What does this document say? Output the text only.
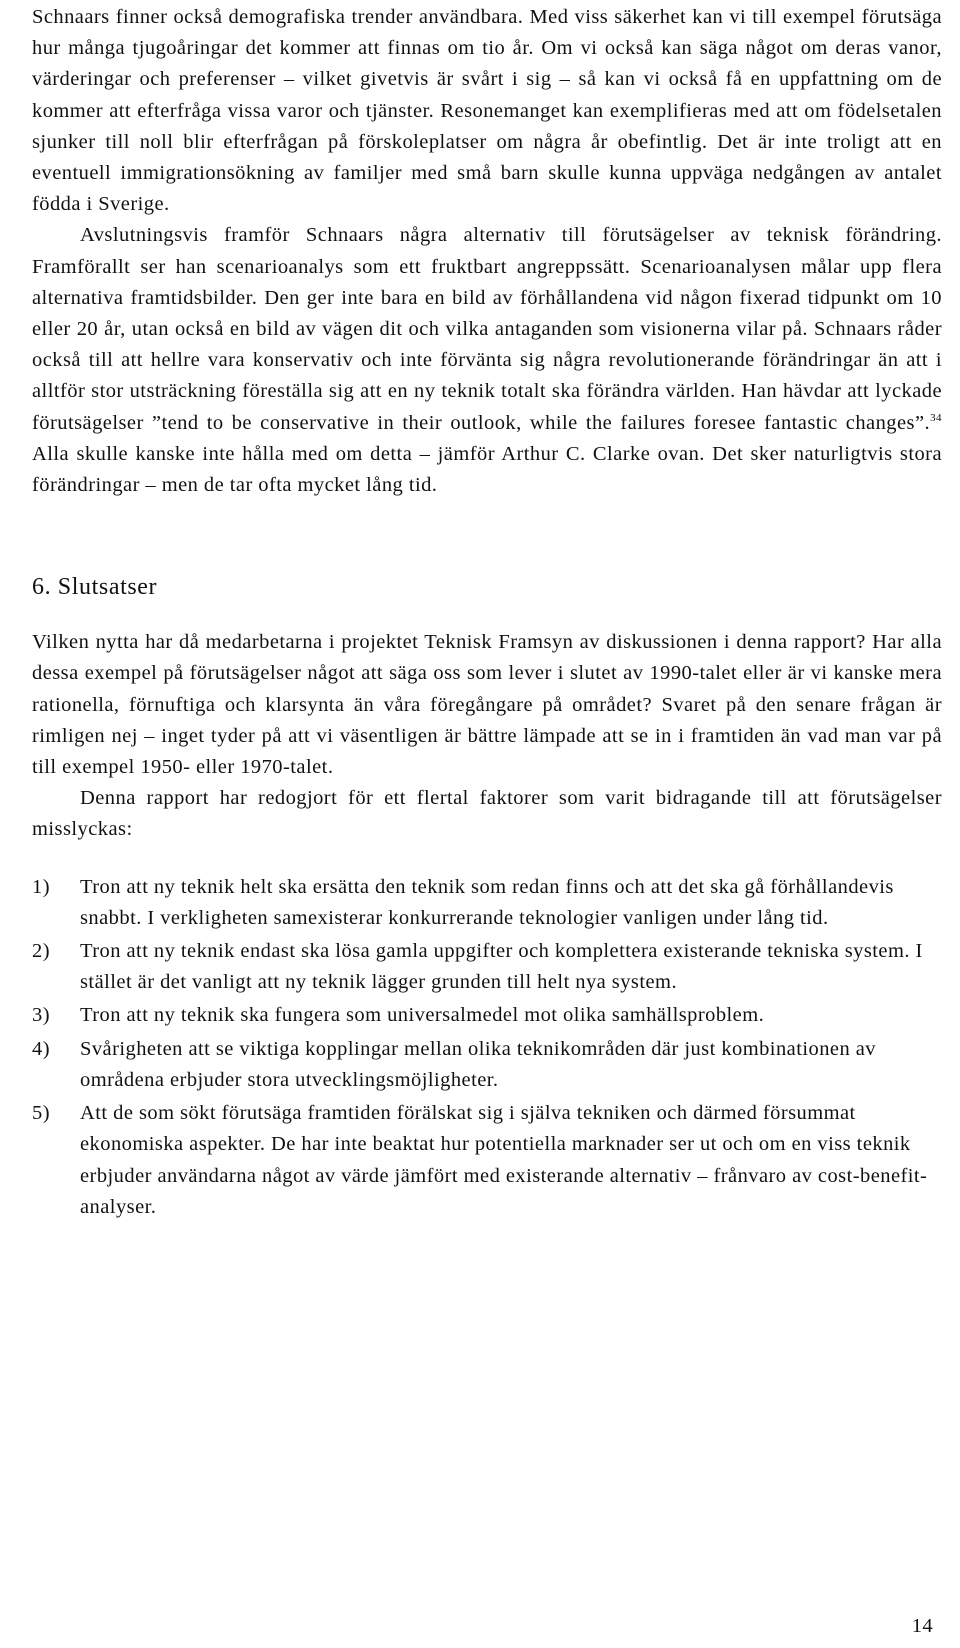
Schnaars finner också demografiska trender användbara. Med viss säkerhet kan vi till exempel förutsäga hur många tjugoåringar det kommer att finnas om tio år. Om vi också kan säga något om deras vanor, värderingar och preferenser – vilket givetvis är svårt i sig – så kan vi också få en uppfattning om de kommer att efterfråga vissa varor och tjänster. Resonemanget kan exemplifieras med att om födelsetalen sjunker till noll blir efterfrågan på förskoleplatser om några år obefintlig. Det är inte troligt att en eventuell immigrationsökning av familjer med små barn skulle kunna uppväga nedgången av antalet födda i Sverige.

Avslutningsvis framför Schnaars några alternativ till förutsägelser av teknisk förändring. Framförallt ser han scenarioanalys som ett fruktbart angreppssätt. Scenarioanalysen målar upp flera alternativa framtidsbilder. Den ger inte bara en bild av förhållandena vid någon fixerad tidpunkt om 10 eller 20 år, utan också en bild av vägen dit och vilka antaganden som visionerna vilar på. Schnaars råder också till att hellre vara konservativ och inte förvänta sig några revolutionerande förändringar än att i alltför stor utsträckning föreställa sig att en ny teknik totalt ska förändra världen. Han hävdar att lyckade förutsägelser ”tend to be conservative in their outlook, while the failures foresee fantastic changes”.$^{34}$ Alla skulle kanske inte hålla med om detta – jämför Arthur C. Clarke ovan. Det sker naturligtvis stora förändringar – men de tar ofta mycket lång tid.

6. Slutsatser

Vilken nytta har då medarbetarna i projektet Teknisk Framsyn av diskussionen i denna rapport? Har alla dessa exempel på förutsägelser något att säga oss som lever i slutet av 1990-talet eller är vi kanske mera rationella, förnuftiga och klarsynta än våra föregångare på området? Svaret på den senare frågan är rimligen nej – inget tyder på att vi väsentligen är bättre lämpade att se in i framtiden än vad man var på till exempel 1950- eller 1970-talet.

Denna rapport har redogjort för ett flertal faktorer som varit bidragande till att förutsägelser misslyckas:

1) Tron att ny teknik helt ska ersätta den teknik som redan finns och att det ska gå förhållandevis snabbt. I verkligheten samexisterar konkurrerande teknologier vanligen under lång tid.
2) Tron att ny teknik endast ska lösa gamla uppgifter och komplettera existerande tekniska system. I stället är det vanligt att ny teknik lägger grunden till helt nya system.
3) Tron att ny teknik ska fungera som universalmedel mot olika samhällsproblem.
4) Svårigheten att se viktiga kopplingar mellan olika teknikområden där just kombinationen av områdena erbjuder stora utvecklingsmöjligheter.
5) Att de som sökt förutsäga framtiden förälskat sig i själva tekniken och därmed försummat ekonomiska aspekter. De har inte beaktat hur potentiella marknader ser ut och om en viss teknik erbjuder användarna något av värde jämfört med existerande alternativ – frånvaro av cost-benefit-analyser.
14
